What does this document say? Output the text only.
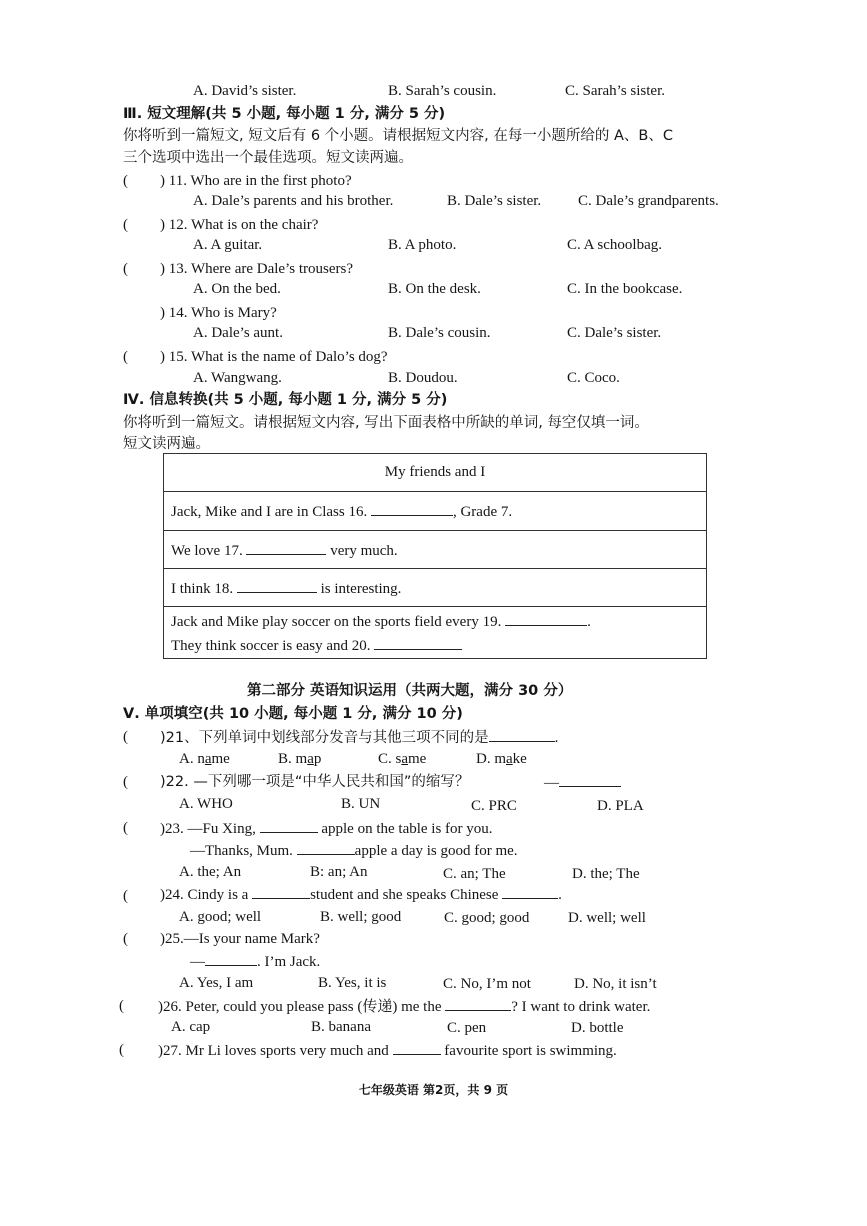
A. David’s sister.	B. Sarah’s cousin.	C. Sarah’s sister.
Ⅲ. 短文理解(共 5 小题, 每小题 1 分, 满分 5 分)
你将听到一篇短文, 短文后有 6 个小题。请根据短文内容, 在每一小题所给的 A、B、C
三个选项中选出一个最佳选项。短文读两遍。
( ) 11. Who are in the first photo?
A. Dale’s parents and his brother.	B. Dale’s sister. C. Dale’s grandparents.
( ) 12. What is on the chair?
A. A guitar.	B. A photo.	C. A schoolbag.
( ) 13. Where are Dale’s trousers?
A. On the bed.	B. On the desk.	C. In the bookcase.
) 14. Who is Mary?
A. Dale’s aunt.	B. Dale’s cousin.	C. Dale’s sister.
( ) 15. What is the name of Dalo’s dog?
A. Wangwang.	B. Doudou.	C. Coco.
Ⅳ. 信息转换(共 5 小题, 每小题 1 分, 满分 5 分)
你将听到一篇短文。请根据短文内容, 写出下面表格中所缺的单词, 每空仅填一词。
短文读两遍。
My friends and I
Jack, Mike and I are in Class 16.	, Grade 7.
We love 17.	very much.
I think 18.	is interesting.

Jack and Mike play soccer on the sports field every 19.	.
They think soccer is easy and 20.
第二部分 英语知识运用（共两大题，满分 30 分）
Ⅴ. 单项填空(共 10 小题, 每小题 1 分, 满分 10 分)
( )21、下列单词中划线部分发音与其他三项不同的是	.
A. name	B. map	C. same	D. make
( )22. —下列哪一项是“中华人民共和国”的缩写？	—
A. WHO	B. UN	C. PRC	D. PLA
( )23. —Fu Xing,	apple on the table is for you.
—Thanks, Mum.	apple a day is good for me.
A. the; An	B: an; An	C. an; The	D. the; The
( )24. Cindy is a	student and she speaks Chinese	.
A. good; well	B. well; good	C. good; good	D. well; well
( )25.—Is your name Mark?
—	. I’m Jack.
A. Yes, I am	B. Yes, it is	C. No, I’m not	D. No, it isn’t
( )26. Peter, could you please pass (传递) me the	? I want to drink water.
A. cap	B. banana	C. pen	D. bottle
( )27. Mr Li loves sports very much and	favourite sport is swimming.
七年级英语 第2页，共 9 页
